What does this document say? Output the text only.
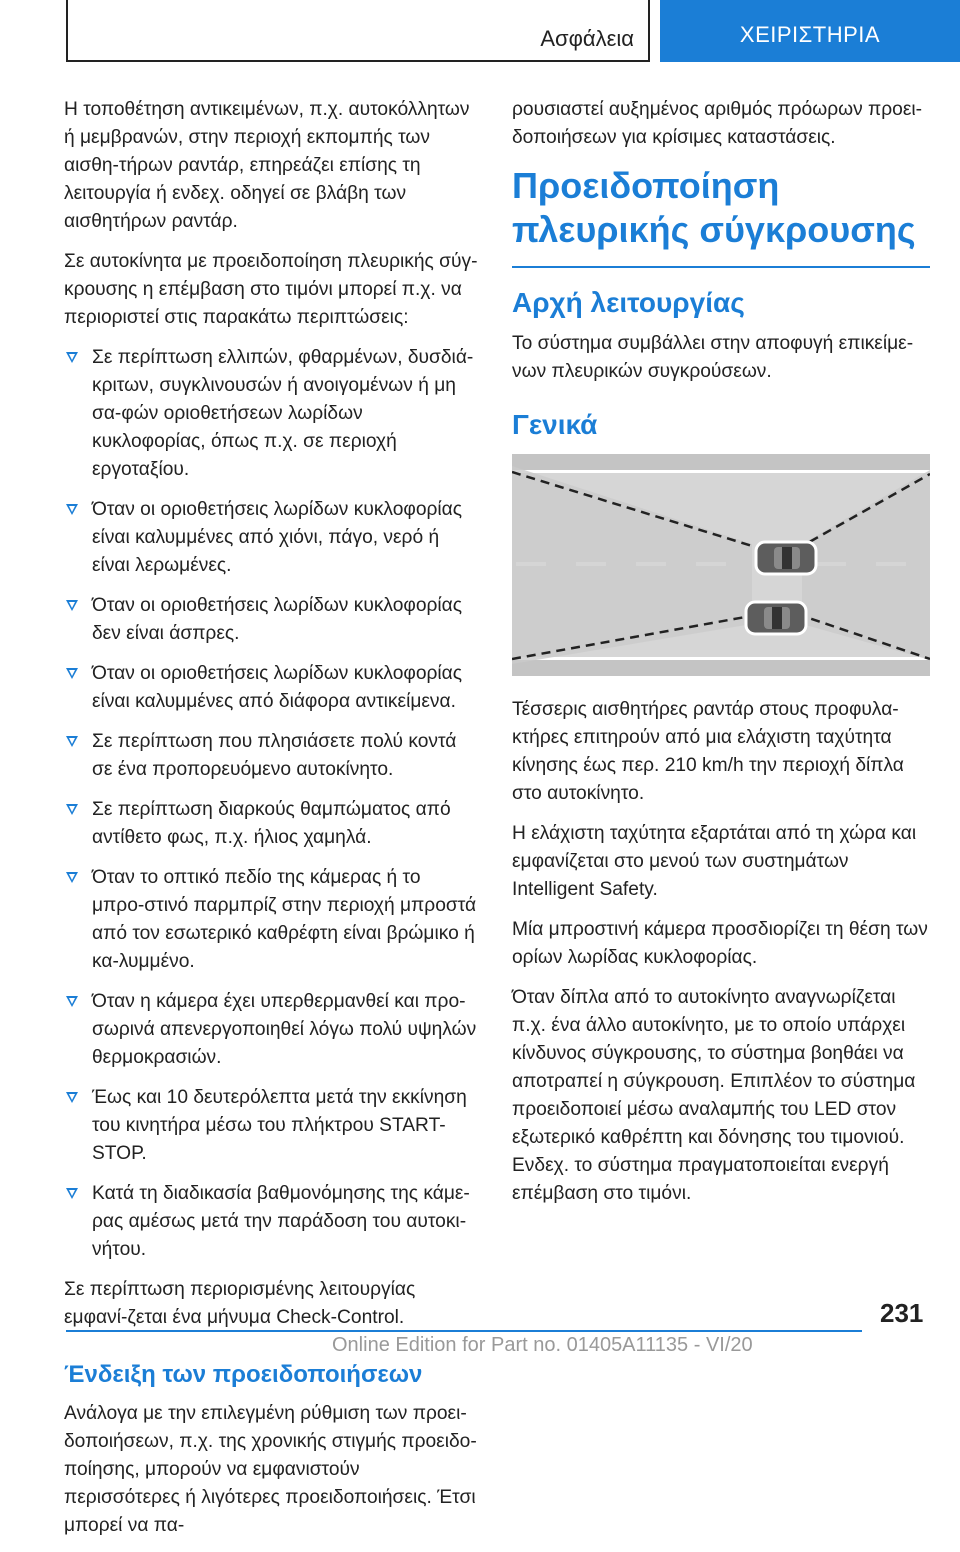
Ασφάλεια	ΧΕΙΡΙΣΤΗΡΙΑ

Η τοποθέτηση αντικειμένων, π.χ. αυτοκόλλητων ή μεμβρανών, στην περιοχή εκπομπής των αισθη-τήρων ραντάρ, επηρεάζει επίσης τη λειτουργία ή ενδεχ. οδηγεί σε βλάβη των αισθητήρων ραντάρ.

Σε αυτοκίνητα με προειδοποίηση πλευρικής σύγ-κρουσης η επέμβαση στο τιμόνι μπορεί π.χ. να περιοριστεί στις παρακάτω περιπτώσεις:

Σε περίπτωση ελλιπών, φθαρμένων, δυσδιά-κριτων, συγκλινουσών ή ανοιγομένων ή μη σα-φών οριοθετήσεων λωρίδων κυκλοφορίας, όπως π.χ. σε περιοχή εργοταξίου.
Όταν οι οριοθετήσεις λωρίδων κυκλοφορίας είναι καλυμμένες από χιόνι, πάγο, νερό ή είναι λερωμένες.
Όταν οι οριοθετήσεις λωρίδων κυκλοφορίας δεν είναι άσπρες.
Όταν οι οριοθετήσεις λωρίδων κυκλοφορίας είναι καλυμμένες από διάφορα αντικείμενα.
Σε περίπτωση που πλησιάσετε πολύ κοντά σε ένα προπορευόμενο αυτοκίνητο.
Σε περίπτωση διαρκούς θαμπώματος από αντίθετο φως, π.χ. ήλιος χαμηλά.
Όταν το οπτικό πεδίο της κάμερας ή το μπρο-στινό παρμπρίζ στην περιοχή μπροστά από τον εσωτερικό καθρέφτη είναι βρώμικο ή κα-λυμμένο.
Όταν η κάμερα έχει υπερθερμανθεί και προ-σωρινά απενεργοποιηθεί λόγω πολύ υψηλών θερμοκρασιών.
Έως και 10 δευτερόλεπτα μετά την εκκίνηση του κινητήρα μέσω του πλήκτρου START-STOP.
Κατά τη διαδικασία βαθμονόμησης της κάμε-ρας αμέσως μετά την παράδοση του αυτοκι-νήτου.

Σε περίπτωση περιορισμένης λειτουργίας εμφανί-ζεται ένα μήνυμα Check-Control.

Ένδειξη των προειδοποιήσεων

Ανάλογα με την επιλεγμένη ρύθμιση των προει-δοποιήσεων, π.χ. της χρονικής στιγμής προειδο-ποίησης, μπορούν να εμφανιστούν περισσότερες ή λιγότερες προειδοποιήσεις. Έτσι μπορεί να πα-

ρουσιαστεί αυξημένος αριθμός πρόωρων προει-δοποιήσεων για κρίσιμες καταστάσεις.

Προειδοποίηση πλευρικής σύγκρουσης
Αρχή λειτουργίας

Το σύστημα συμβάλλει στην αποφυγή επικείμε-νων πλευρικών συγκρούσεων.

Γενικά

Τέσσερις αισθητήρες ραντάρ στους προφυλα-κτήρες επιτηρούν από μια ελάχιστη ταχύτητα κίνησης έως περ. 210 km/h την περιοχή δίπλα στο αυτοκίνητο.

Η ελάχιστη ταχύτητα εξαρτάται από τη χώρα και εμφανίζεται στο μενού των συστημάτων Intelligent Safety.

Μία μπροστινή κάμερα προσδιορίζει τη θέση των ορίων λωρίδας κυκλοφορίας.

Όταν δίπλα από το αυτοκίνητο αναγνωρίζεται π.χ. ένα άλλο αυτοκίνητο, με το οποίο υπάρχει κίνδυνος σύγκρουσης, το σύστημα βοηθάει να αποτραπεί η σύγκρουση. Επιπλέον το σύστημα προειδοποιεί μέσω αναλαμπής του LED στον εξωτερικό καθρέπτη και δόνησης του τιμονιού. Ενδεχ. το σύστημα πραγματοποιείται ενεργή επέμβαση στο τιμόνι.

231
Online Edition for Part no. 01405A11135 - VI/20
